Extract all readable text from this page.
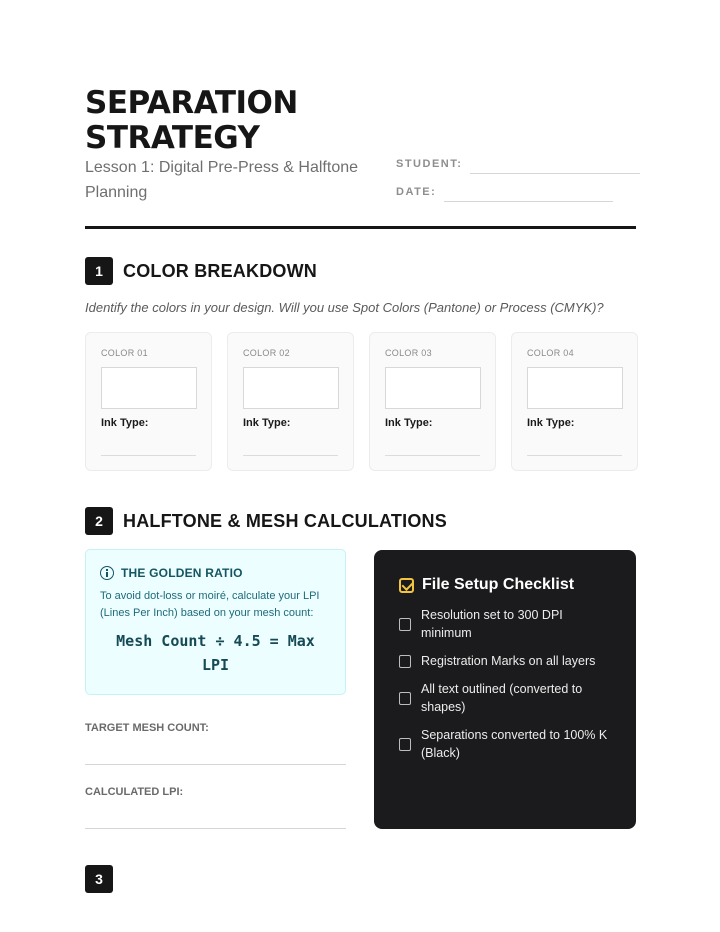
SEPARATION
STRATEGY
Lesson 1: Digital Pre-Press & Halftone Planning
STUDENT:
DATE:
1	COLOR BREAKDOWN
Identify the colors in your design. Will you use Spot Colors (Pantone) or Process (CMYK)?
COLOR 01
Ink Type:
COLOR 02
Ink Type:
COLOR 03
Ink Type:
COLOR 04
Ink Type:
2	HALFTONE & MESH CALCULATIONS
THE GOLDEN RATIO
To avoid dot-loss or moiré, calculate your LPI (Lines Per Inch) based on your mesh count:
Mesh Count ÷ 4.5 = Max LPI
TARGET MESH COUNT:
CALCULATED LPI:
File Setup Checklist
Resolution set to 300 DPI minimum
Registration Marks on all layers
All text outlined (converted to shapes)
Separations converted to 100% K (Black)
3
